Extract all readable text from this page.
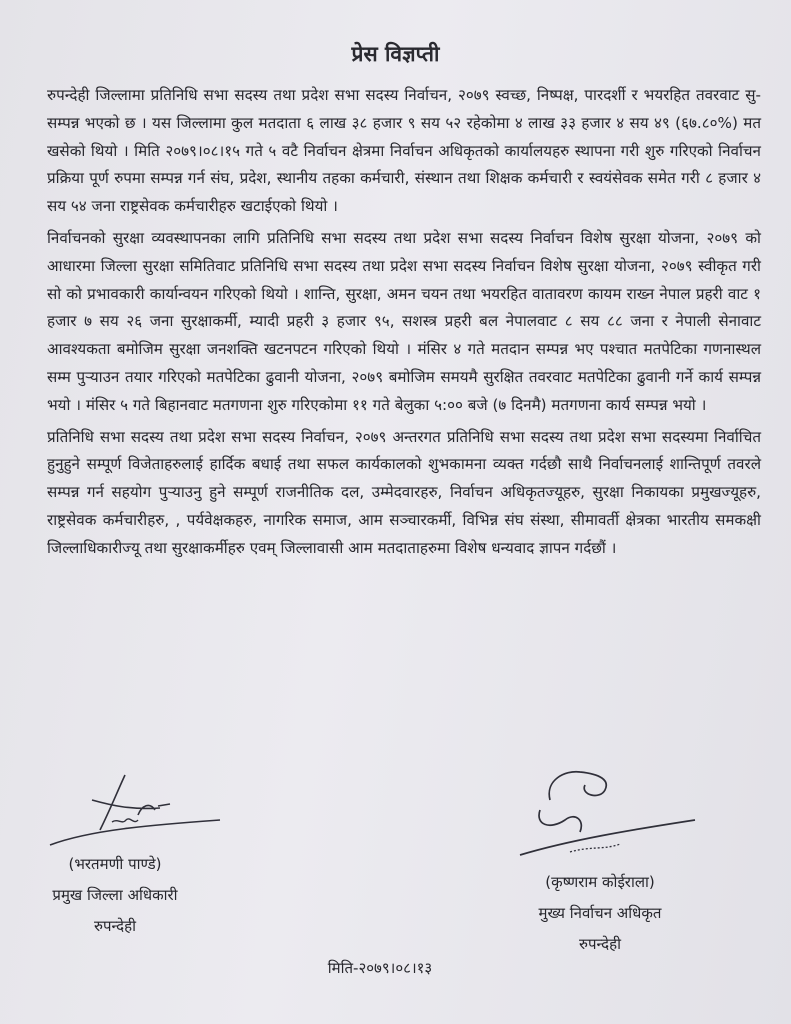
प्रेस विज्ञप्ती

रुपन्देही जिल्लामा प्रतिनिधि सभा सदस्य तथा प्रदेश सभा सदस्य निर्वाचन, २०७९ स्वच्छ, निष्पक्ष, पारदर्शी र भयरहित तवरवाट सु-सम्पन्न भएको छ । यस जिल्लामा कुल मतदाता ६ लाख ३८ हजार ९ सय ५२ रहेकोमा ४ लाख ३३ हजार ४ सय ४९ (६७.८०%) मत खसेको थियो । मिति २०७९।०८।१५ गते ५ वटै निर्वाचन क्षेत्रमा निर्वाचन अधिकृतको कार्यालयहरु स्थापना गरी शुरु गरिएको निर्वाचन प्रक्रिया पूर्ण रुपमा सम्पन्न गर्न संघ, प्रदेश, स्थानीय तहका कर्मचारी, संस्थान तथा शिक्षक कर्मचारी र स्वयंसेवक समेत गरी ८ हजार ४ सय ५४ जना राष्ट्रसेवक कर्मचारीहरु खटाईएको थियो ।

निर्वाचनको सुरक्षा व्यवस्थापनका लागि प्रतिनिधि सभा सदस्य तथा प्रदेश सभा सदस्य निर्वाचन विशेष सुरक्षा योजना, २०७९ को आधारमा जिल्ला सुरक्षा समितिवाट प्रतिनिधि सभा सदस्य तथा प्रदेश सभा सदस्य निर्वाचन विशेष सुरक्षा योजना, २०७९ स्वीकृत गरी सो को प्रभावकारी कार्यान्वयन गरिएको थियो । शान्ति, सुरक्षा, अमन चयन तथा भयरहित वातावरण कायम राख्न नेपाल प्रहरी वाट १ हजार ७ सय २६ जना सुरक्षाकर्मी, म्यादी प्रहरी ३ हजार ९५, सशस्त्र प्रहरी बल नेपालवाट ८ सय ८८ जना र नेपाली सेनावाट आवश्यकता बमोजिम सुरक्षा जनशक्ति खटनपटन गरिएको थियो । मंसिर ४ गते मतदान सम्पन्न भए पश्चात मतपेटिका गणनास्थल सम्म पुर्‍याउन तयार गरिएको मतपेटिका ढुवानी योजना, २०७९ बमोजिम समयमै सुरक्षित तवरवाट मतपेटिका ढुवानी गर्ने कार्य सम्पन्न भयो । मंसिर ५ गते बिहानवाट मतगणना शुरु गरिएकोमा ११ गते बेलुका ५:०० बजे (७ दिनमै) मतगणना कार्य सम्पन्न भयो ।

प्रतिनिधि सभा सदस्य तथा प्रदेश सभा सदस्य निर्वाचन, २०७९ अन्तरगत प्रतिनिधि सभा सदस्य तथा प्रदेश सभा सदस्यमा निर्वाचित हुनुहुने सम्पूर्ण विजेताहरुलाई हार्दिक बधाई तथा सफल कार्यकालको शुभकामना व्यक्त गर्दछौ साथै निर्वाचनलाई शान्तिपूर्ण तवरले सम्पन्न गर्न सहयोग पुर्‍याउनु हुने सम्पूर्ण राजनीतिक दल, उम्मेदवारहरु, निर्वाचन अधिकृतज्यूहरु, सुरक्षा निकायका प्रमुखज्यूहरु, राष्ट्रसेवक कर्मचारीहरु, , पर्यवेक्षकहरु, नागरिक समाज, आम सञ्चारकर्मी, विभिन्न संघ संस्था, सीमावर्ती क्षेत्रका भारतीय समकक्षी जिल्लाधिकारीज्यू तथा सुरक्षाकर्मीहरु एवम् जिल्लावासी आम मतदाताहरुमा विशेष धन्यवाद ज्ञापन गर्दछौं ।

(भरतमणी पाण्डे)
प्रमुख जिल्ला अधिकारी
रुपन्देही
(कृष्णराम कोईराला)
मुख्य निर्वाचन अधिकृत
रुपन्देही
मिति-२०७९।०८।१३
